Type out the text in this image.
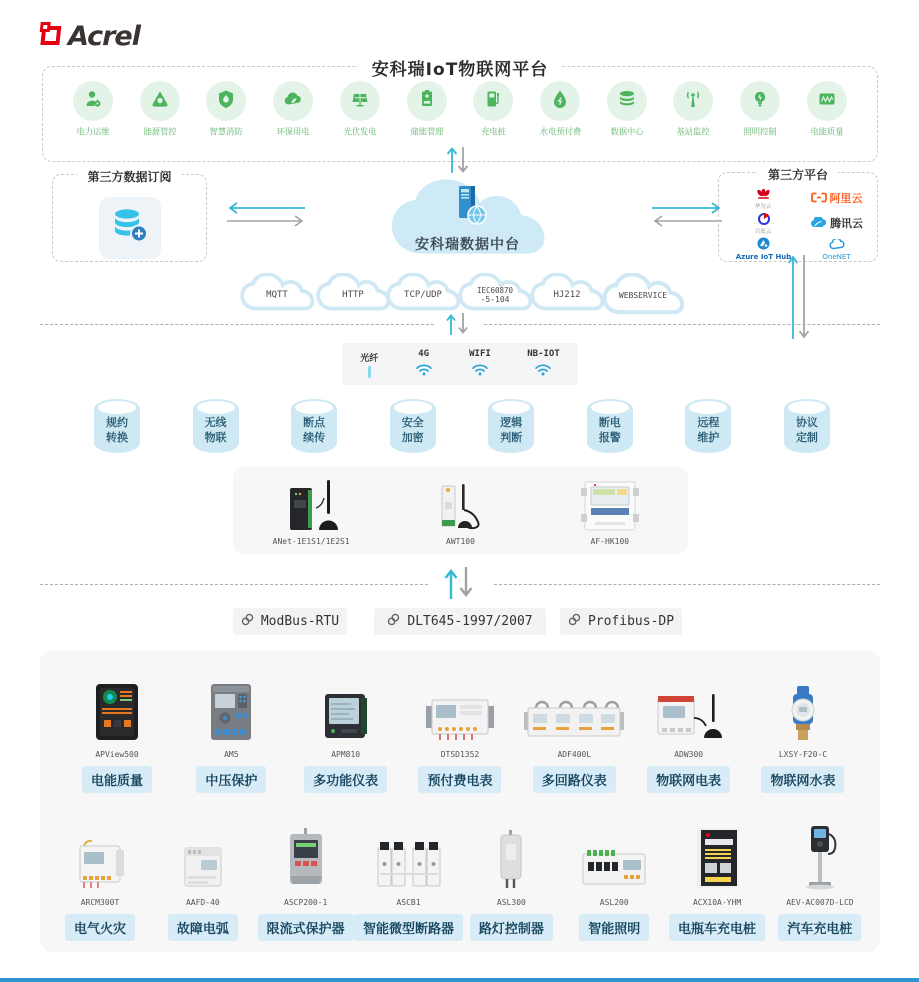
Acrel
安科瑞IoT物联网平台
电力运维	能源管控	智慧消防	环保用电	光伏发电	储能管理	充电桩	水电预付费	数据中心	基站监控	照明控制	电能质量
第三方数据订阅
安科瑞数据中台
第三方平台
华为云
阿里云
百度云
腾讯云
Azure IoT Hub	OneNET
MQTT	HTTP	TCP/UDP	IEC60870
-5-104	HJ212	WEBSERVICE
光纤	4G	WIFI	NB-IOT
规约
转换
无线
物联
断点
续传
安全
加密
逻辑
判断
断电
报警
远程
维护
协议
定制
ANet-1E1S1/1E2S1	AWT100	AF-HK100
ModBus-RTU	DLT645-1997/2007	Profibus-DP
APView500
电能质量
AM5
中压保护
APM810
多功能仪表
DTSD1352
预付费电表
ADF400L
多回路仪表
ADW300
物联网电表
LXSY-F20-C
物联网水表
ARCM300T
电气火灾
AAFD-40
故障电弧
ASCP200-1
限流式保护器
ASCB1
智能微型断路器
ASL300
路灯控制器
ASL200
智能照明
ACX10A-YHM
电瓶车充电桩
AEV-AC007D-LCD
汽车充电桩
